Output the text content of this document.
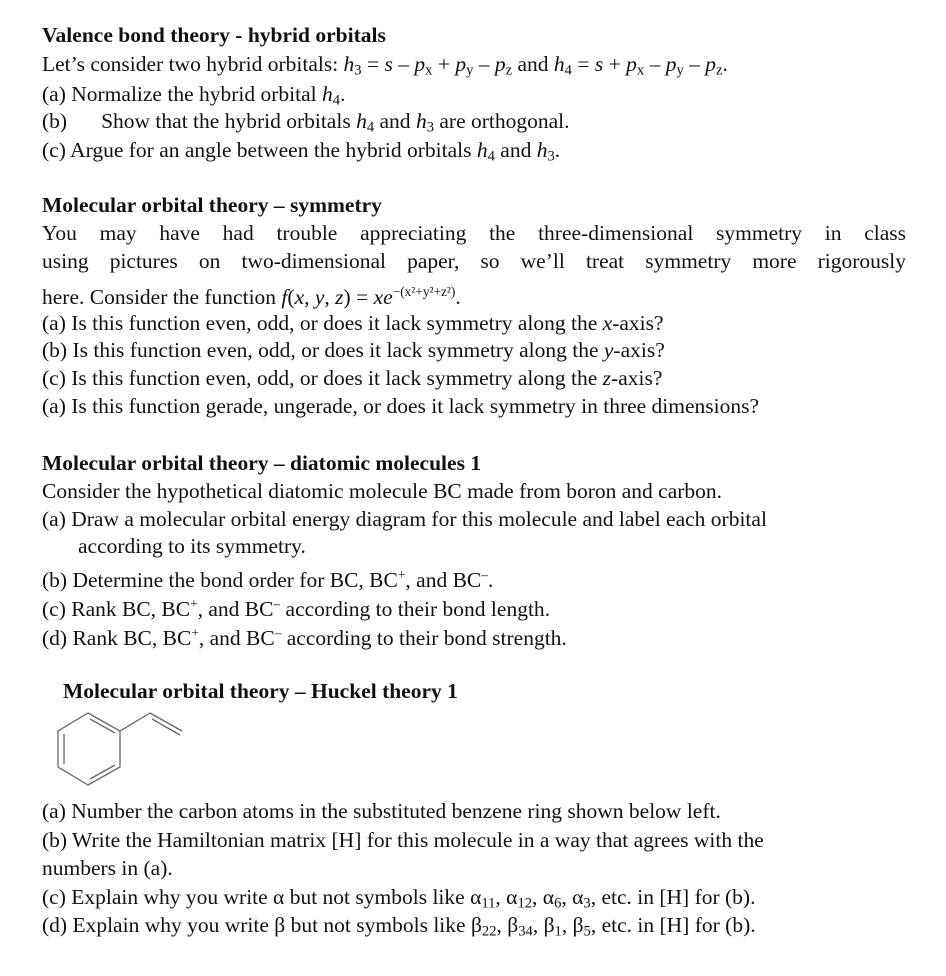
Valence bond theory - hybrid orbitals
Let’s consider two hybrid orbitals: $h_3 = s - p_x + p_y - p_z$ and $h_4 = s + p_x - p_y - p_z$.
(a) Normalize the hybrid orbital $h_4$.
(b) Show that the hybrid orbitals $h_4$ and $h_3$ are orthogonal.
(c) Argue for an angle between the hybrid orbitals $h_4$ and $h_3$.
Molecular orbital theory – symmetry
You may have had trouble appreciating the three-dimensional symmetry in class
using pictures on two-dimensional paper, so we’ll treat symmetry more rigorously
here. Consider the function f(x, y, $z) = xe^{-(x^2+y^2+z^2)}$.
(a) Is this function even, odd, or does it lack symmetry along the x-axis?
(b) Is this function even, odd, or does it lack symmetry along the y-axis?
(c) Is this function even, odd, or does it lack symmetry along the z-axis?
(a) Is this function gerade, ungerade, or does it lack symmetry in three dimensions?
Molecular orbital theory – diatomic molecules 1
Consider the hypothetical diatomic molecule BC made from boron and carbon.
(a) Draw a molecular orbital energy diagram for this molecule and label each orbital
according to its symmetry.
(b) Determine the bond order for BC, BC+, and BC–.
(c) Rank BC, BC+, and BC– according to their bond length.
(d) Rank BC, BC+, and BC– according to their bond strength.
Molecular orbital theory – Huckel theory 1
(a) Number the carbon atoms in the substituted benzene ring shown below left.
(b) Write the Hamiltonian matrix [H] for this molecule in a way that agrees with the
numbers in (a).
(c) Explain why you write α but not symbols like $\alpha_{11}$, $\alpha_{12}$, $\alpha_6$, $\alpha_3$, etc. in [H] for (b).
(d) Explain why you write β but not symbols like $\beta_{22}$, $\beta_{34}$, $\beta_1$, $\beta_5$, etc. in [H] for (b).
